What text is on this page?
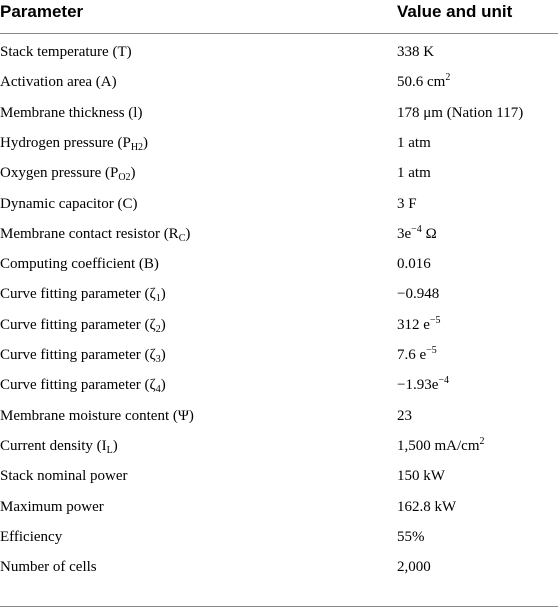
Parameter	Value and unit
Stack temperature (T)	338 K
Activation area (A)	50.6 $cm^2$
Membrane thickness (l)	178 μm (Nation 117)
Hydrogen pressure $(P_{H2})$	1 atm
Oxygen pressure $(P_{O2})$	1 atm
Dynamic capacitor (C)	3 F
Membrane contact resistor $(R_C)$	$3e^{-4}$ Ω
Computing coefficient (B)	0.016
Curve fitting parameter $(\zeta_1)$	−0.948
Curve fitting parameter $(\zeta_2)$	312 $e^{-5}$
Curve fitting parameter $(\zeta_3)$	7.6 $e^{-5}$
Curve fitting parameter $(\zeta_4)$	$-1.93e^{-4}$
Membrane moisture content (Ψ)	23
Current density $(I_L)$	1,500 $mA/cm^2$
Stack nominal power	150 kW
Maximum power	162.8 kW
Efficiency	55%
Number of cells	2,000
